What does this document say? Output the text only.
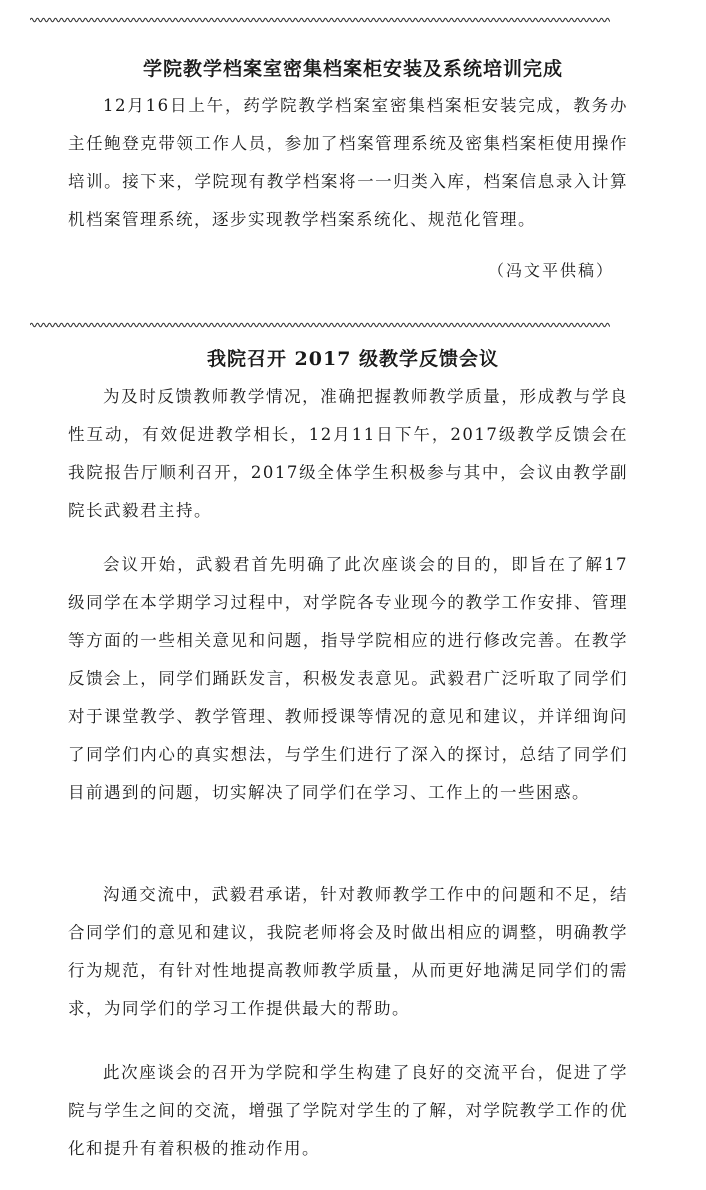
学院教学档案室密集档案柜安装及系统培训完成

12月16日上午，药学院教学档案室密集档案柜安装完成，教务办主任鲍登克带领工作人员，参加了档案管理系统及密集档案柜使用操作培训。接下来，学院现有教学档案将一一归类入库，档案信息录入计算机档案管理系统，逐步实现教学档案系统化、规范化管理。

（冯文平供稿）

我院召开 2017 级教学反馈会议

为及时反馈教师教学情况，准确把握教师教学质量，形成教与学良性互动，有效促进教学相长，12月11日下午，2017级教学反馈会在我院报告厅顺利召开，2017级全体学生积极参与其中，会议由教学副院长武毅君主持。

会议开始，武毅君首先明确了此次座谈会的目的，即旨在了解17级同学在本学期学习过程中，对学院各专业现今的教学工作安排、管理等方面的一些相关意见和问题，指导学院相应的进行修改完善。在教学反馈会上，同学们踊跃发言，积极发表意见。武毅君广泛听取了同学们对于课堂教学、教学管理、教师授课等情况的意见和建议，并详细询问了同学们内心的真实想法，与学生们进行了深入的探讨，总结了同学们目前遇到的问题，切实解决了同学们在学习、工作上的一些困惑。

沟通交流中，武毅君承诺，针对教师教学工作中的问题和不足，结合同学们的意见和建议，我院老师将会及时做出相应的调整，明确教学行为规范，有针对性地提高教师教学质量，从而更好地满足同学们的需求，为同学们的学习工作提供最大的帮助。

此次座谈会的召开为学院和学生构建了良好的交流平台，促进了学院与学生之间的交流，增强了学院对学生的了解，对学院教学工作的优化和提升有着积极的推动作用。
